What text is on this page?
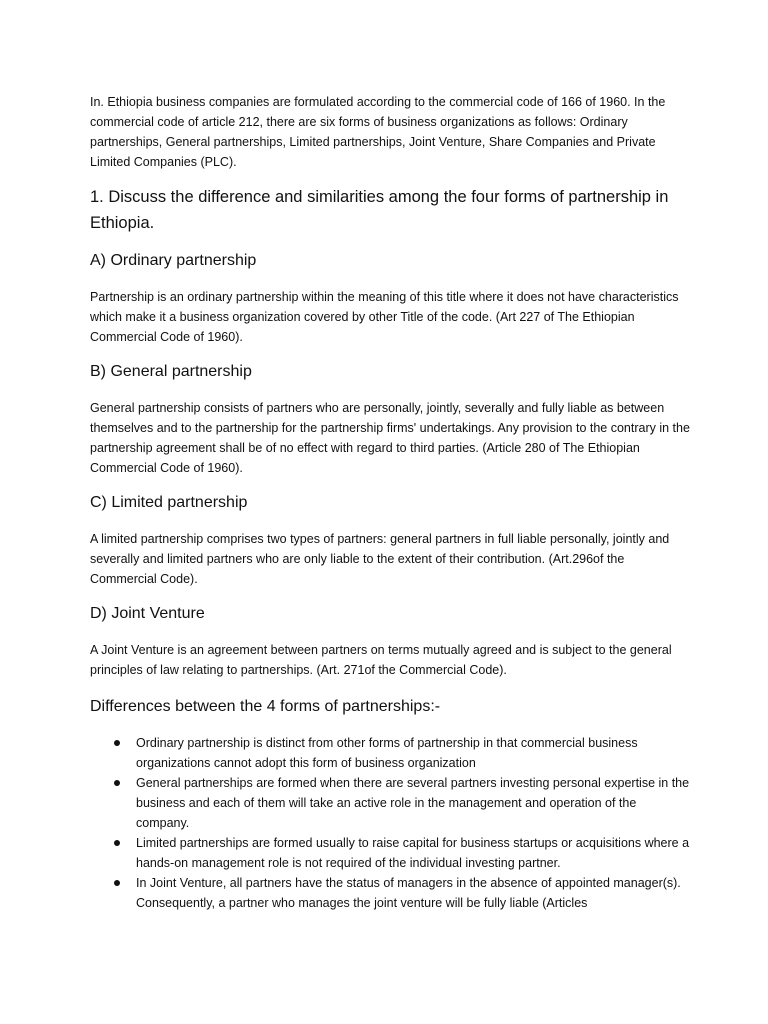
In. Ethiopia business companies are formulated according to the commercial code of 166 of 1960. In the commercial code of article 212, there are six forms of business organizations as follows: Ordinary partnerships, General partnerships, Limited partnerships, Joint Venture, Share Companies and Private Limited Companies (PLC).

1. Discuss the difference and similarities among the four forms of partnership in Ethiopia.
A) Ordinary partnership

Partnership is an ordinary partnership within the meaning of this title where it does not have characteristics which make it a business organization covered by other Title of the code. (Art 227 of The Ethiopian Commercial Code of 1960).

B) General partnership

General partnership consists of partners who are personally, jointly, severally and fully liable as between themselves and to the partnership for the partnership firms' undertakings. Any provision to the contrary in the partnership agreement shall be of no effect with regard to third parties. (Article 280 of The Ethiopian Commercial Code of 1960).

C) Limited partnership

A limited partnership comprises two types of partners: general partners in full liable personally, jointly and severally and limited partners who are only liable to the extent of their contribution. (Art.296of the Commercial Code).

D) Joint Venture

A Joint Venture is an agreement between partners on terms mutually agreed and is subject to the general principles of law relating to partnerships. (Art. 271of the Commercial Code).

Differences between the 4 forms of partnerships:-
Ordinary partnership is distinct from other forms of partnership in that commercial business organizations cannot adopt this form of business organization
General partnerships are formed when there are several partners investing personal expertise in the business and each of them will take an active role in the management and operation of the company.
Limited partnerships are formed usually to raise capital for business startups or acquisitions where a hands-on management role is not required of the individual investing partner.
In Joint Venture, all partners have the status of managers in the absence of appointed manager(s). Consequently, a partner who manages the joint venture will be fully liable (Articles
